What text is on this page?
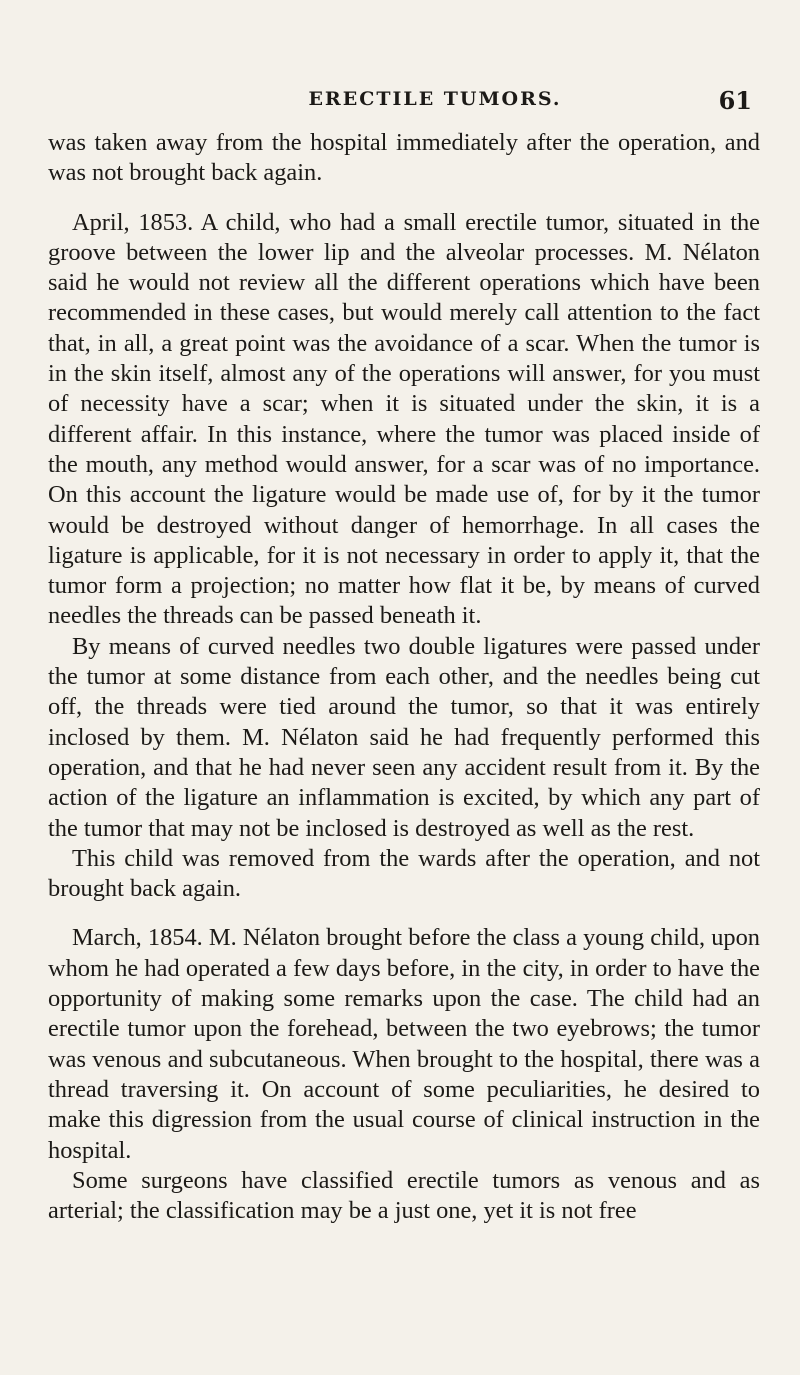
ERECTILE TUMORS.	61

was taken away from the hospital immediately after the operation, and was not brought back again.

April, 1853. A child, who had a small erectile tumor, situated in the groove between the lower lip and the alveolar processes. M. Nélaton said he would not review all the different operations which have been recommended in these cases, but would merely call attention to the fact that, in all, a great point was the avoidance of a scar. When the tumor is in the skin itself, almost any of the operations will answer, for you must of necessity have a scar; when it is situated under the skin, it is a different affair. In this instance, where the tumor was placed inside of the mouth, any method would answer, for a scar was of no importance. On this account the ligature would be made use of, for by it the tumor would be destroyed without danger of hemorrhage. In all cases the ligature is applicable, for it is not necessary in order to apply it, that the tumor form a projection; no matter how flat it be, by means of curved needles the threads can be passed beneath it.

By means of curved needles two double ligatures were passed under the tumor at some distance from each other, and the needles being cut off, the threads were tied around the tumor, so that it was entirely inclosed by them. M. Nélaton said he had frequently performed this operation, and that he had never seen any accident result from it. By the action of the ligature an inflammation is excited, by which any part of the tumor that may not be inclosed is destroyed as well as the rest.

This child was removed from the wards after the operation, and not brought back again.

March, 1854. M. Nélaton brought before the class a young child, upon whom he had operated a few days before, in the city, in order to have the opportunity of making some remarks upon the case. The child had an erectile tumor upon the forehead, between the two eyebrows; the tumor was venous and subcutaneous. When brought to the hospital, there was a thread traversing it. On account of some peculiarities, he desired to make this digression from the usual course of clinical instruction in the hospital.

Some surgeons have classified erectile tumors as venous and as arterial; the classification may be a just one, yet it is not free
